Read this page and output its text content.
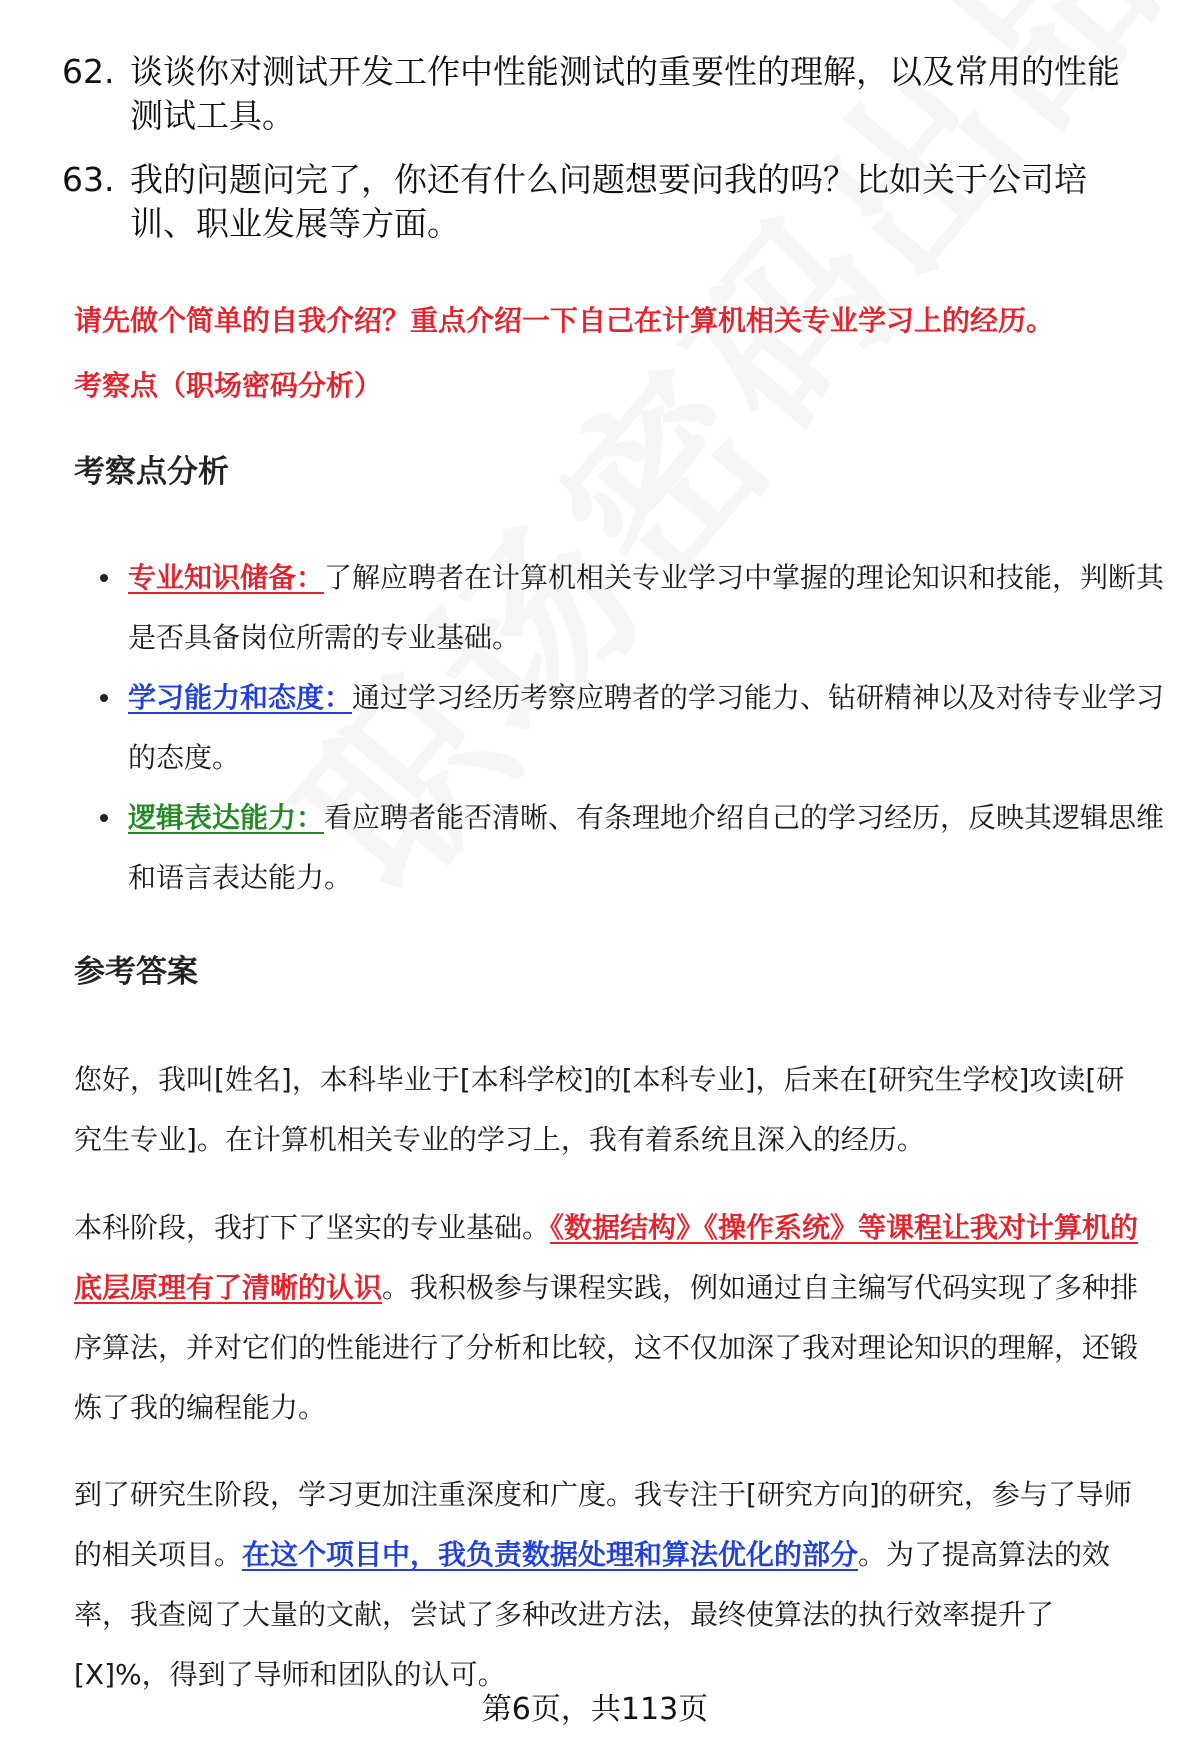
62. 谈谈你对测试开发工作中性能测试的重要性的理解，以及常用的性能测试工具。
63. 我的问题问完了，你还有什么问题想要问我的吗？比如关于公司培训、职业发展等方面。
请先做个简单的自我介绍？重点介绍一下自己在计算机相关专业学习上的经历。
考察点（职场密码分析）
考察点分析
专业知识储备：了解应聘者在计算机相关专业学习中掌握的理论知识和技能，判断其是否具备岗位所需的专业基础。
学习能力和态度：通过学习经历考察应聘者的学习能力、钻研精神以及对待专业学习的态度。
逻辑表达能力：看应聘者能否清晰、有条理地介绍自己的学习经历，反映其逻辑思维和语言表达能力。
参考答案
您好，我叫[姓名]，本科毕业于[本科学校]的[本科专业]，后来在[研究生学校]攻读[研究生专业]。在计算机相关专业的学习上，我有着系统且深入的经历。
本科阶段，我打下了坚实的专业基础。《数据结构》《操作系统》等课程让我对计算机的底层原理有了清晰的认识。我积极参与课程实践，例如通过自主编写代码实现了多种排序算法，并对它们的性能进行了分析和比较，这不仅加深了我对理论知识的理解，还锻炼了我的编程能力。
到了研究生阶段，学习更加注重深度和广度。我专注于[研究方向]的研究，参与了导师的相关项目。在这个项目中，我负责数据处理和算法优化的部分。为了提高算法的效率，我查阅了大量的文献，尝试了多种改进方法，最终使算法的执行效率提升了[X]%，得到了导师和团队的认可。
第6页，共113页
